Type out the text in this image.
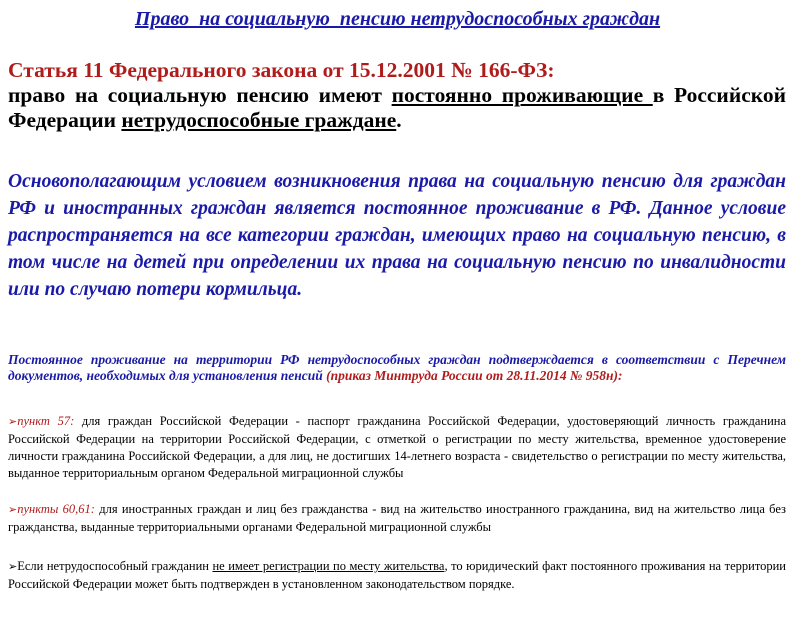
Право  на социальную  пенсию нетрудоспособных граждан
Статья 11 Федерального закона от 15.12.2001 № 166-ФЗ:
право на социальную пенсию имеют постоянно проживающие в Российской Федерации нетрудоспособные граждане.
Основополагающим условием возникновения права на социальную пенсию для граждан РФ и иностранных граждан является постоянное проживание в РФ. Данное условие распространяется на все категории граждан, имеющих право на социальную пенсию, в том числе на детей при определении их права на социальную пенсию по инвалидности или по случаю потери кормильца.
Постоянное проживание на территории РФ нетрудоспособных граждан подтверждается в соответствии с Перечнем документов, необходимых для установления пенсий (приказ Минтруда России от 28.11.2014 № 958н):
➢пункт 57: для граждан Российской Федерации - паспорт гражданина Российской Федерации, удостоверяющий личность гражданина Российской Федерации на территории Российской Федерации, с отметкой о регистрации по месту жительства, временное удостоверение личности гражданина Российской Федерации, а для лиц, не достигших 14-летнего возраста - свидетельство о регистрации по месту жительства, выданное территориальным органом Федеральной миграционной службы
➢пункты 60,61: для иностранных граждан и лиц без гражданства - вид на жительство иностранного гражданина, вид на жительство лица без гражданства, выданные территориальными органами Федеральной миграционной службы
➢Если нетрудоспособный гражданин не имеет регистрации по месту жительства, то юридический факт постоянного проживания на территории Российской Федерации может быть подтвержден в установленном законодательством порядке.
